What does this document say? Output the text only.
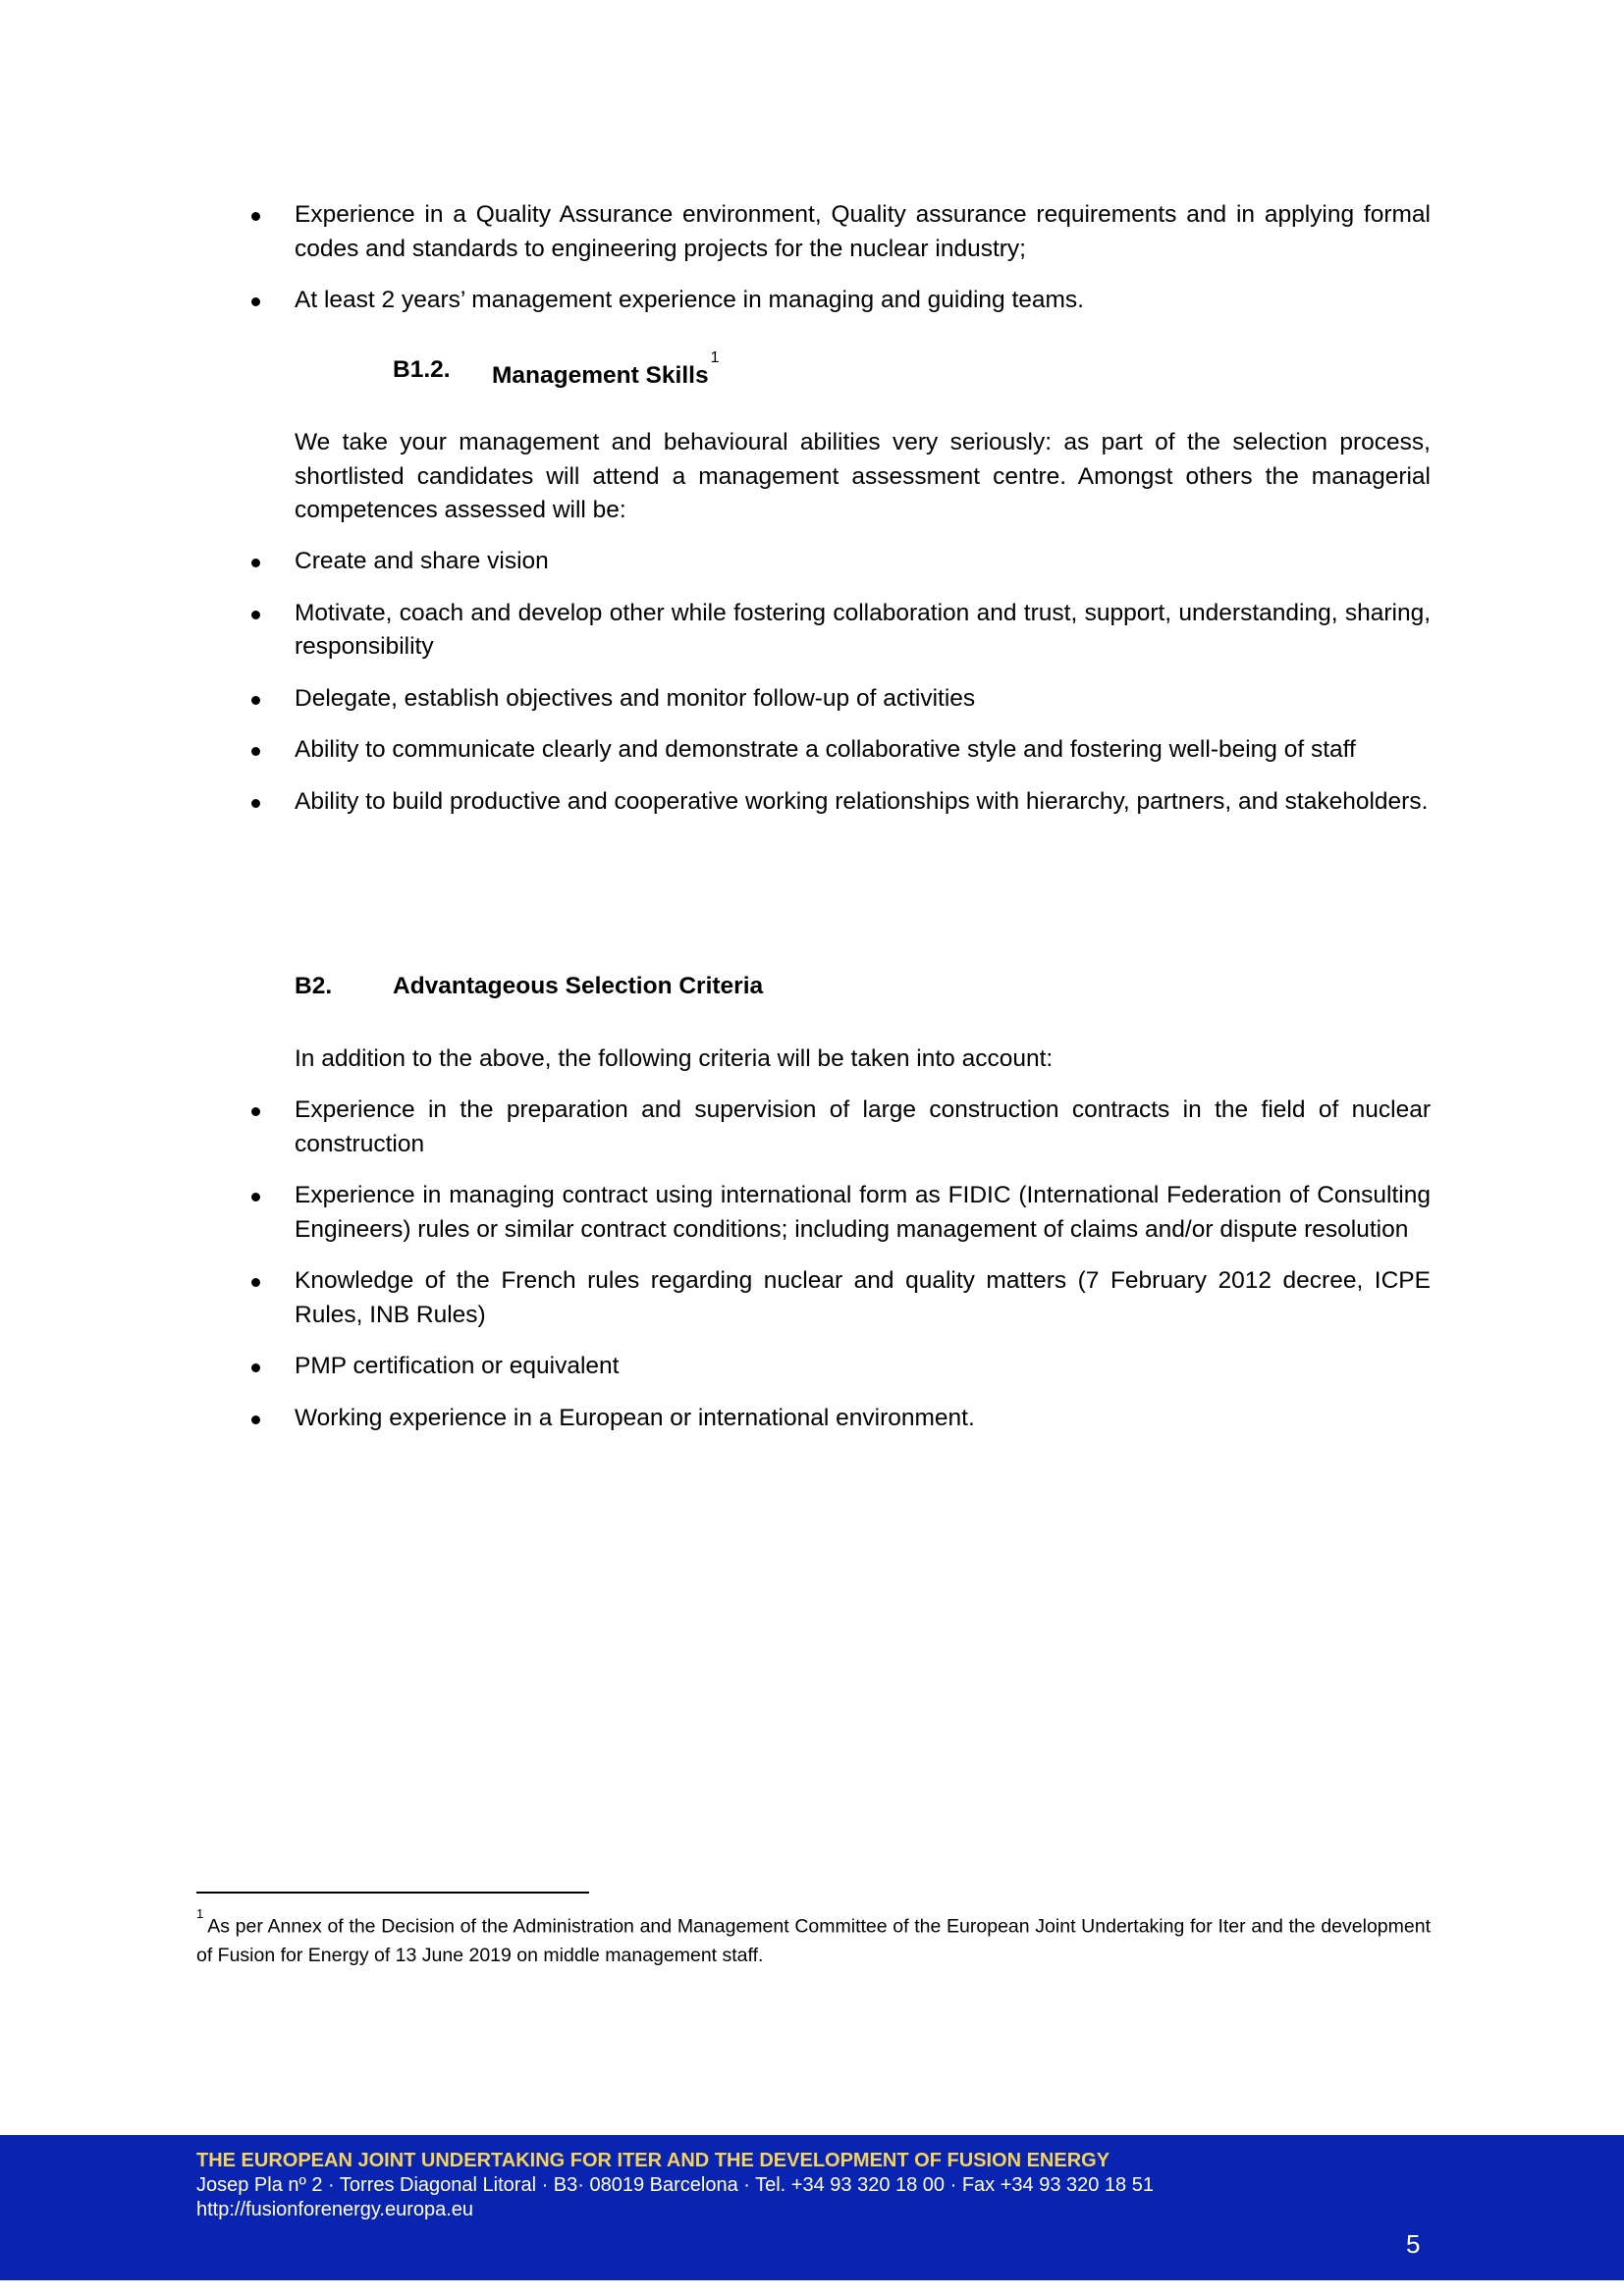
Experience in a Quality Assurance environment, Quality assurance requirements and in applying formal codes and standards to engineering projects for the nuclear industry;
At least 2 years’ management experience in managing and guiding teams.
B1.2. Management Skills$^1$
We take your management and behavioural abilities very seriously: as part of the selection process, shortlisted candidates will attend a management assessment centre. Amongst others the managerial competences assessed will be:
Create and share vision
Motivate, coach and develop other while fostering collaboration and trust, support, understanding, sharing, responsibility
Delegate, establish objectives and monitor follow-up of activities
Ability to communicate clearly and demonstrate a collaborative style and fostering well-being of staff
Ability to build productive and cooperative working relationships with hierarchy, partners, and stakeholders.
B2.	Advantageous Selection Criteria
In addition to the above, the following criteria will be taken into account:
Experience in the preparation and supervision of large construction contracts in the field of nuclear construction
Experience in managing contract using international form as FIDIC (International Federation of Consulting Engineers) rules or similar contract conditions; including management of claims and/or dispute resolution
Knowledge of the French rules regarding nuclear and quality matters (7 February 2012 decree, ICPE Rules, INB Rules)
PMP certification or equivalent
Working experience in a European or international environment.
$^1$As per Annex of the Decision of the Administration and Management Committee of the European Joint Undertaking for Iter and the development of Fusion for Energy of 13 June 2019 on middle management staff.
THE EUROPEAN JOINT UNDERTAKING FOR ITER AND THE DEVELOPMENT OF FUSION ENERGY
Josep Pla nº 2 · Torres Diagonal Litoral · B3· 08019 Barcelona · Tel. +34 93 320 18 00 · Fax +34 93 320 18 51
http://fusionforenergy.europa.eu
5
